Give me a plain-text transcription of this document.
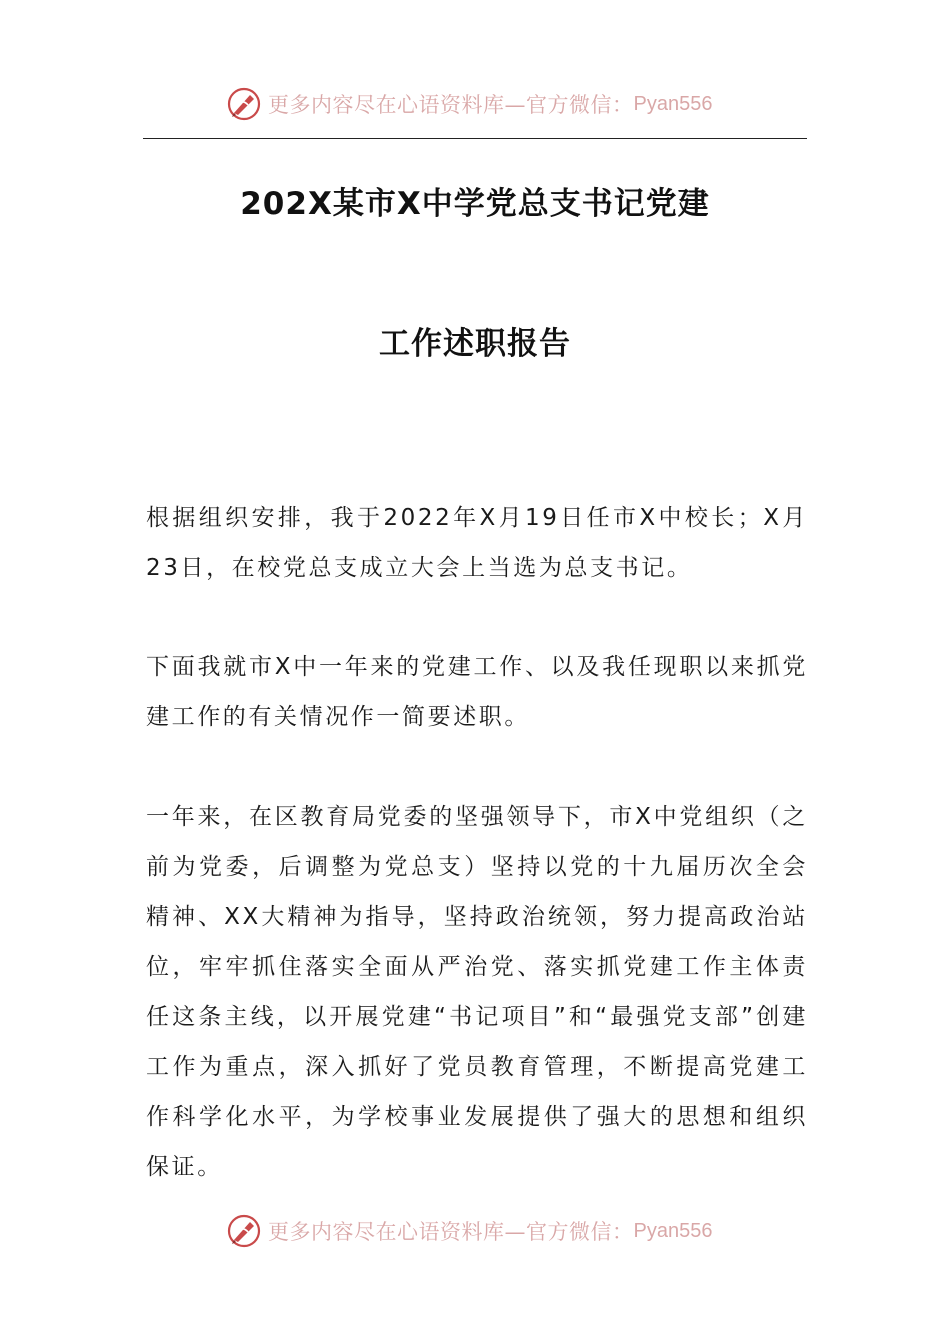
更多内容尽在心语资料库—官方微信： Pyan556
202X某市X中学党总支书记党建
工作述职报告

根据组织安排，我于2022年X月19日任市X中校长；X月23日，在校党总支成立大会上当选为总支书记。

下面我就市X中一年来的党建工作、以及我任现职以来抓党建工作的有关情况作一简要述职。

一年来，在区教育局党委的坚强领导下，市X中党组织（之前为党委，后调整为党总支）坚持以党的十九届历次全会精神、XX大精神为指导，坚持政治统领，努力提高政治站位，牢牢抓住落实全面从严治党、落实抓党建工作主体责任这条主线，以开展党建“书记项目”和“最强党支部”创建工作为重点，深入抓好了党员教育管理，不断提高党建工作科学化水平，为学校事业发展提供了强大的思想和组织保证。

更多内容尽在心语资料库—官方微信： Pyan556
